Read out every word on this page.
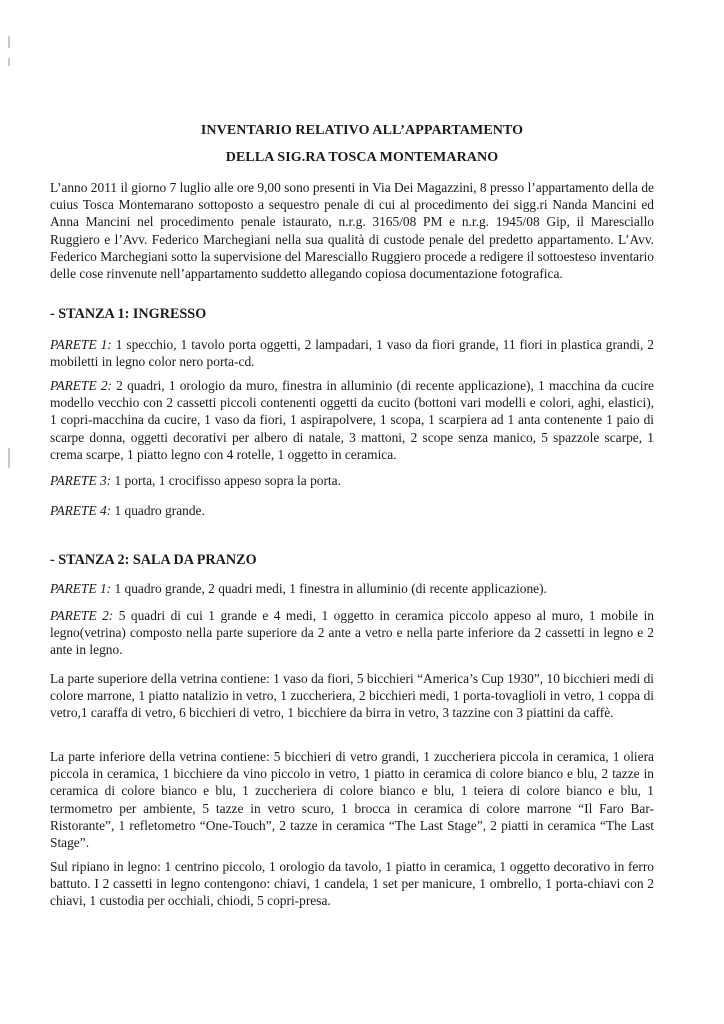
INVENTARIO RELATIVO ALL’APPARTAMENTO
DELLA SIG.RA TOSCA MONTEMARANO
L’anno 2011 il giorno 7 luglio alle ore 9,00 sono presenti in Via Dei Magazzini, 8 presso l’appartamento della de cuius Tosca Montemarano sottoposto a sequestro penale di cui al procedimento dei sigg.ri Nanda Mancini ed Anna Mancini nel procedimento penale istaurato, n.r.g. 3165/08 PM e n.r.g. 1945/08 Gip, il Maresciallo Ruggiero e l’Avv. Federico Marchegiani nella sua qualità di custode penale del predetto appartamento. L’Avv. Federico Marchegiani sotto la supervisione del Maresciallo Ruggiero procede a redigere il sottoesteso inventario delle cose rinvenute nell’appartamento suddetto allegando copiosa documentazione fotografica.
- STANZA 1: INGRESSO
PARETE 1: 1 specchio, 1 tavolo porta oggetti, 2 lampadari, 1 vaso da fiori grande, 11 fiori in plastica grandi, 2 mobiletti in legno color nero porta-cd.
PARETE 2: 2 quadri, 1 orologio da muro, finestra in alluminio (di recente applicazione), 1 macchina da cucire modello vecchio con 2 cassetti piccoli contenenti oggetti da cucito (bottoni vari modelli e colori, aghi, elastici), 1 copri-macchina da cucire, 1 vaso da fiori, 1 aspirapolvere, 1 scopa, 1 scarpiera ad 1 anta contenente 1 paio di scarpe donna, oggetti decorativi per albero di natale, 3 mattoni, 2 scope senza manico, 5 spazzole scarpe, 1 crema scarpe, 1 piatto legno con 4 rotelle, 1 oggetto in ceramica.
PARETE 3: 1 porta, 1 crocifisso appeso sopra la porta.
PARETE 4: 1 quadro grande.
- STANZA 2: SALA DA PRANZO
PARETE 1: 1 quadro grande, 2 quadri medi, 1 finestra in alluminio (di recente applicazione).
PARETE 2: 5 quadri di cui 1 grande e 4 medi, 1 oggetto in ceramica piccolo appeso al muro, 1 mobile in legno(vetrina) composto nella parte superiore da 2 ante a vetro e nella parte inferiore da 2 cassetti in legno e 2 ante in legno.
La parte superiore della vetrina contiene: 1 vaso da fiori, 5 bicchieri “America’s Cup 1930”, 10 bicchieri medi di colore marrone, 1 piatto natalizio in vetro, 1 zuccheriera, 2 bicchieri medi, 1 porta-tovaglioli in vetro, 1 coppa di vetro,1 caraffa di vetro, 6 bicchieri di vetro, 1 bicchiere da birra in vetro, 3 tazzine con 3 piattini da caffè.
La parte inferiore della vetrina contiene: 5 bicchieri di vetro grandi, 1 zuccheriera piccola in ceramica, 1 oliera piccola in ceramica, 1 bicchiere da vino piccolo in vetro, 1 piatto in ceramica di colore bianco e blu, 2 tazze in ceramica di colore bianco e blu, 1 zuccheriera di colore bianco e blu, 1 teiera di colore bianco e blu, 1 termometro per ambiente, 5 tazze in vetro scuro, 1 brocca in ceramica di colore marrone “Il Faro Bar- Ristorante”, 1 refletometro “One-Touch”, 2 tazze in ceramica “The Last Stage”, 2 piatti in ceramica “The Last Stage”.
Sul ripiano in legno: 1 centrino piccolo, 1 orologio da tavolo, 1 piatto in ceramica, 1 oggetto decorativo in ferro battuto. I 2 cassetti in legno contengono: chiavi, 1 candela, 1 set per manicure, 1 ombrello, 1 porta-chiavi con 2 chiavi, 1 custodia per occhiali, chiodi, 5 copri-presa.
